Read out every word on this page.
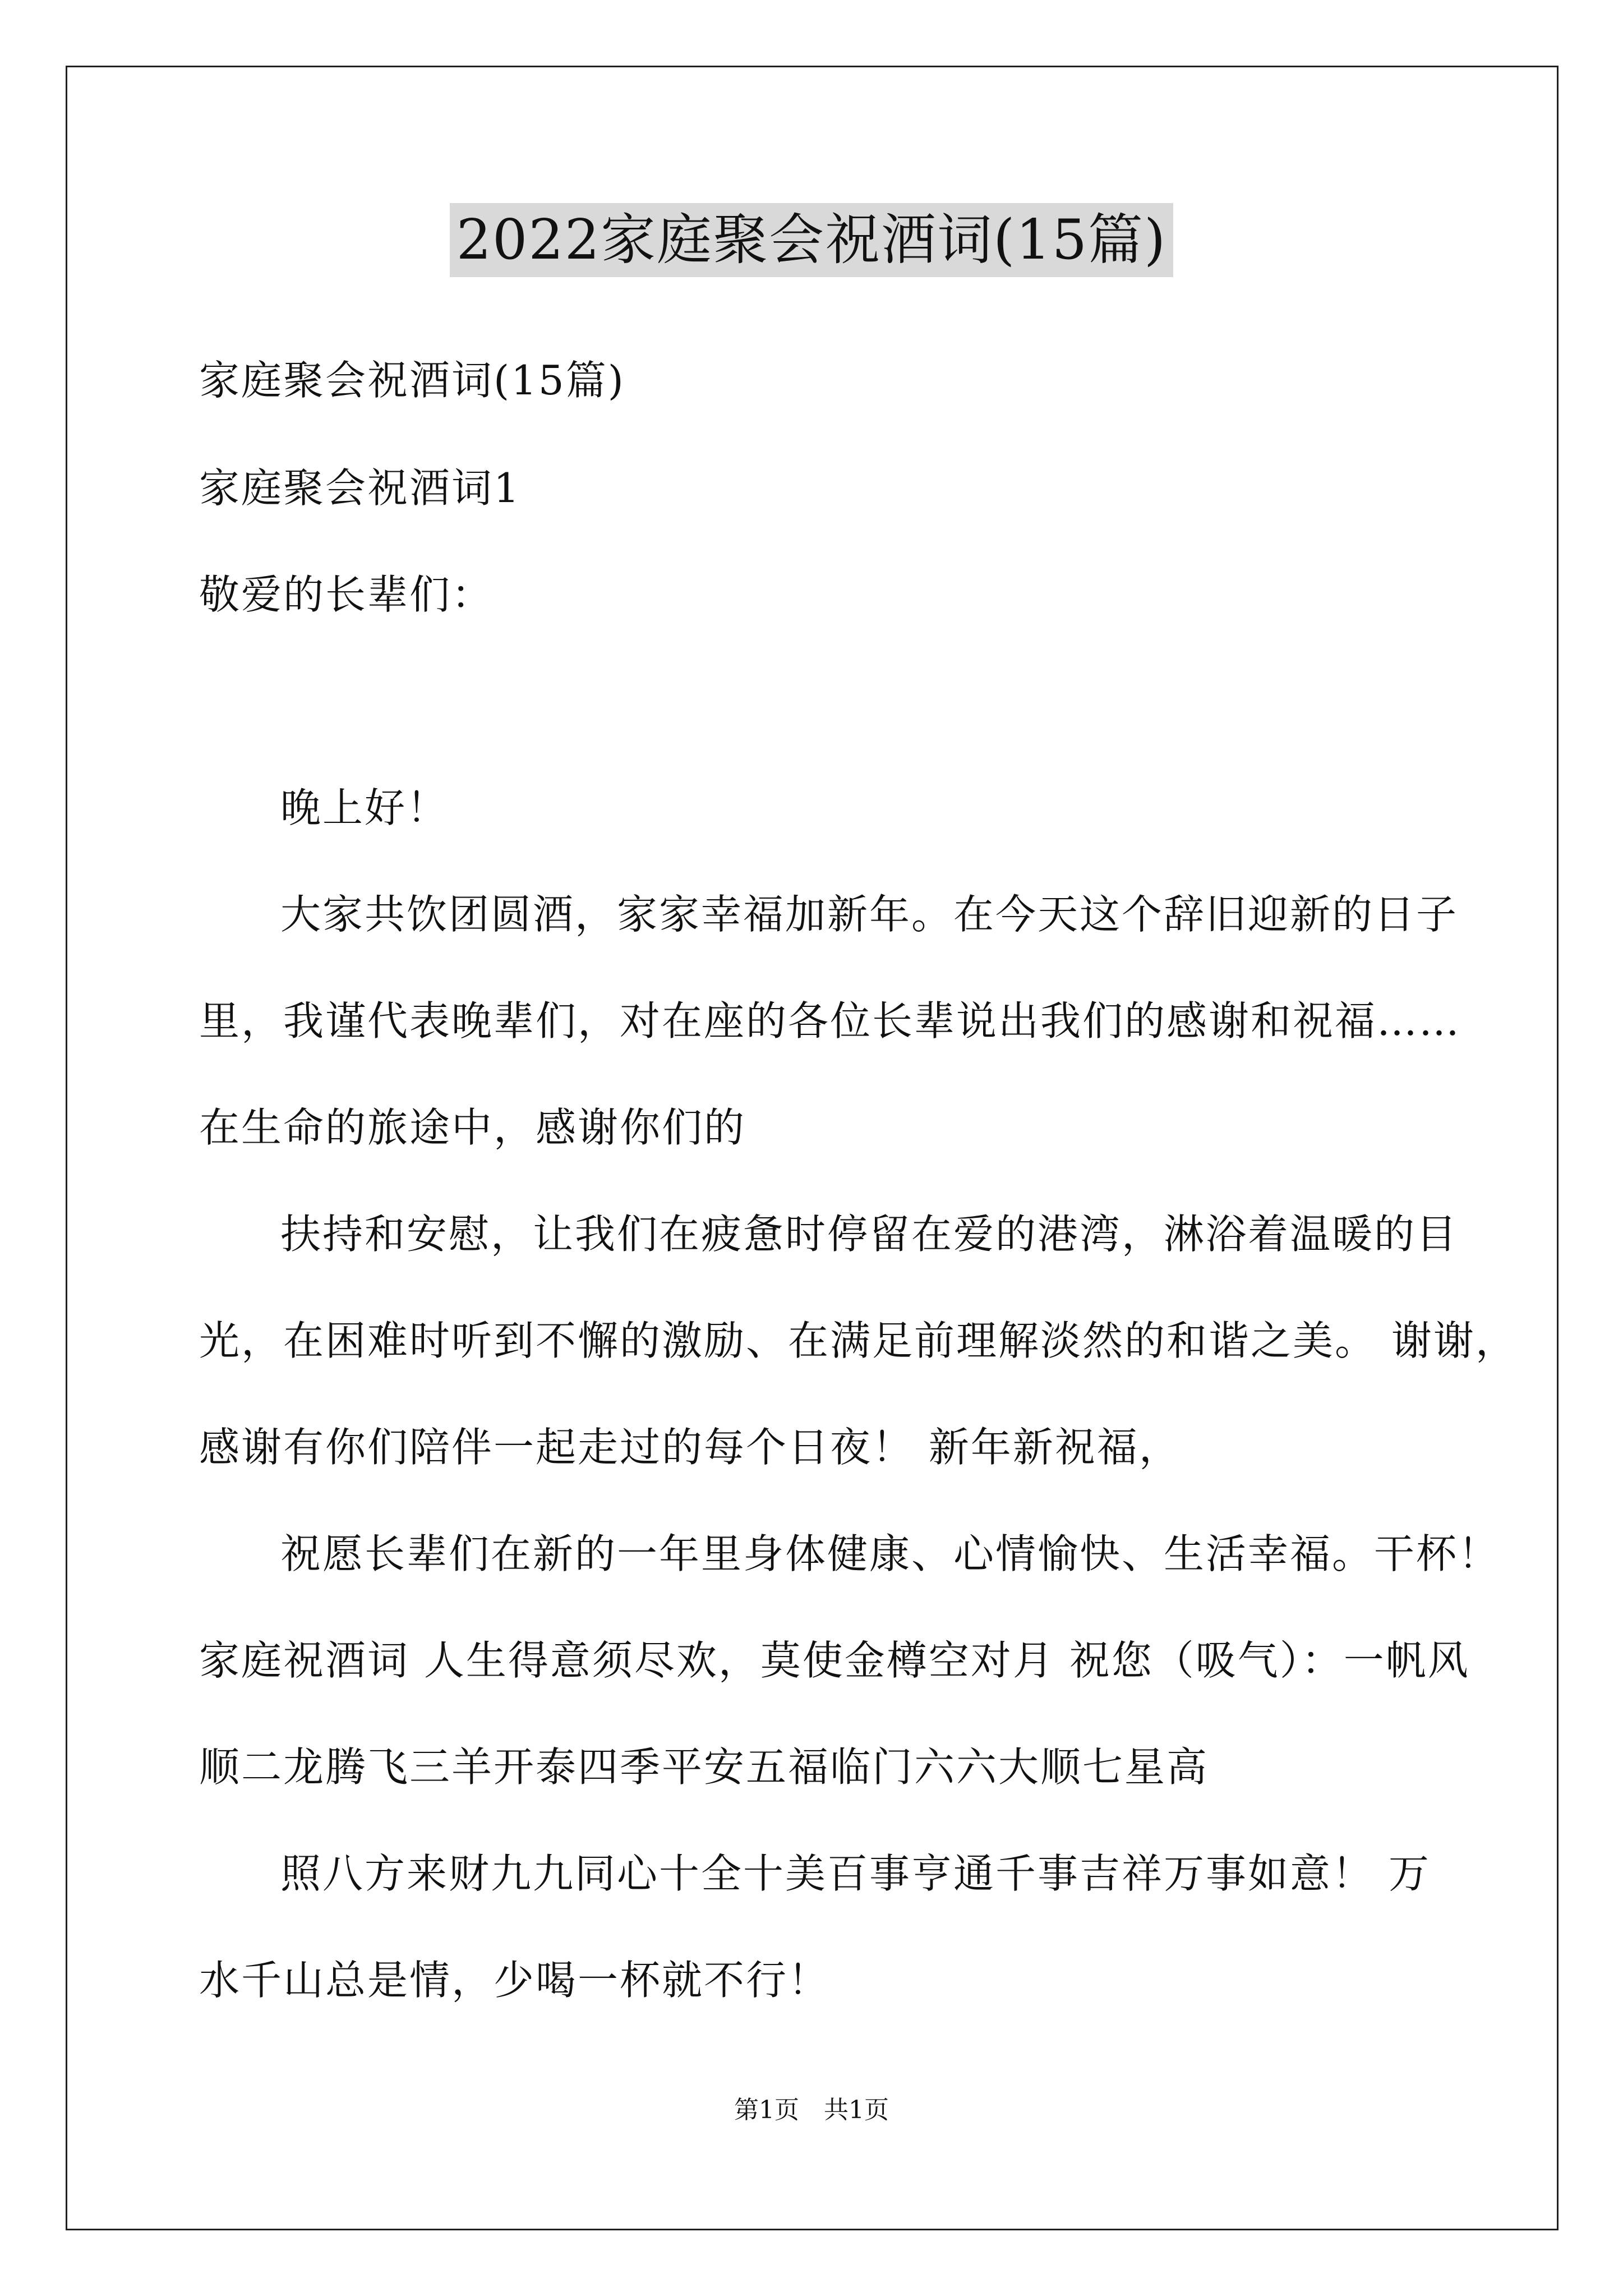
2022家庭聚会祝酒词(15篇)
家庭聚会祝酒词(15篇)
家庭聚会祝酒词1
敬爱的长辈们：
晚上好！
大家共饮团圆酒，家家幸福加新年。在今天这个辞旧迎新的日子
里，我谨代表晚辈们，对在座的各位长辈说出我们的感谢和祝福……
在生命的旅途中，感谢你们的
扶持和安慰，让我们在疲惫时停留在爱的港湾，淋浴着温暖的目
光，在困难时听到不懈的激励、在满足前理解淡然的和谐之美。 谢谢，
感谢有你们陪伴一起走过的每个日夜！ 新年新祝福，
祝愿长辈们在新的一年里身体健康、心情愉快、生活幸福。干杯！
家庭祝酒词 人生得意须尽欢，莫使金樽空对月 祝您（吸气）：一帆风
顺二龙腾飞三羊开泰四季平安五福临门六六大顺七星高
照八方来财九九同心十全十美百事亨通千事吉祥万事如意！ 万
水千山总是情，少喝一杯就不行！
第1页　共1页
